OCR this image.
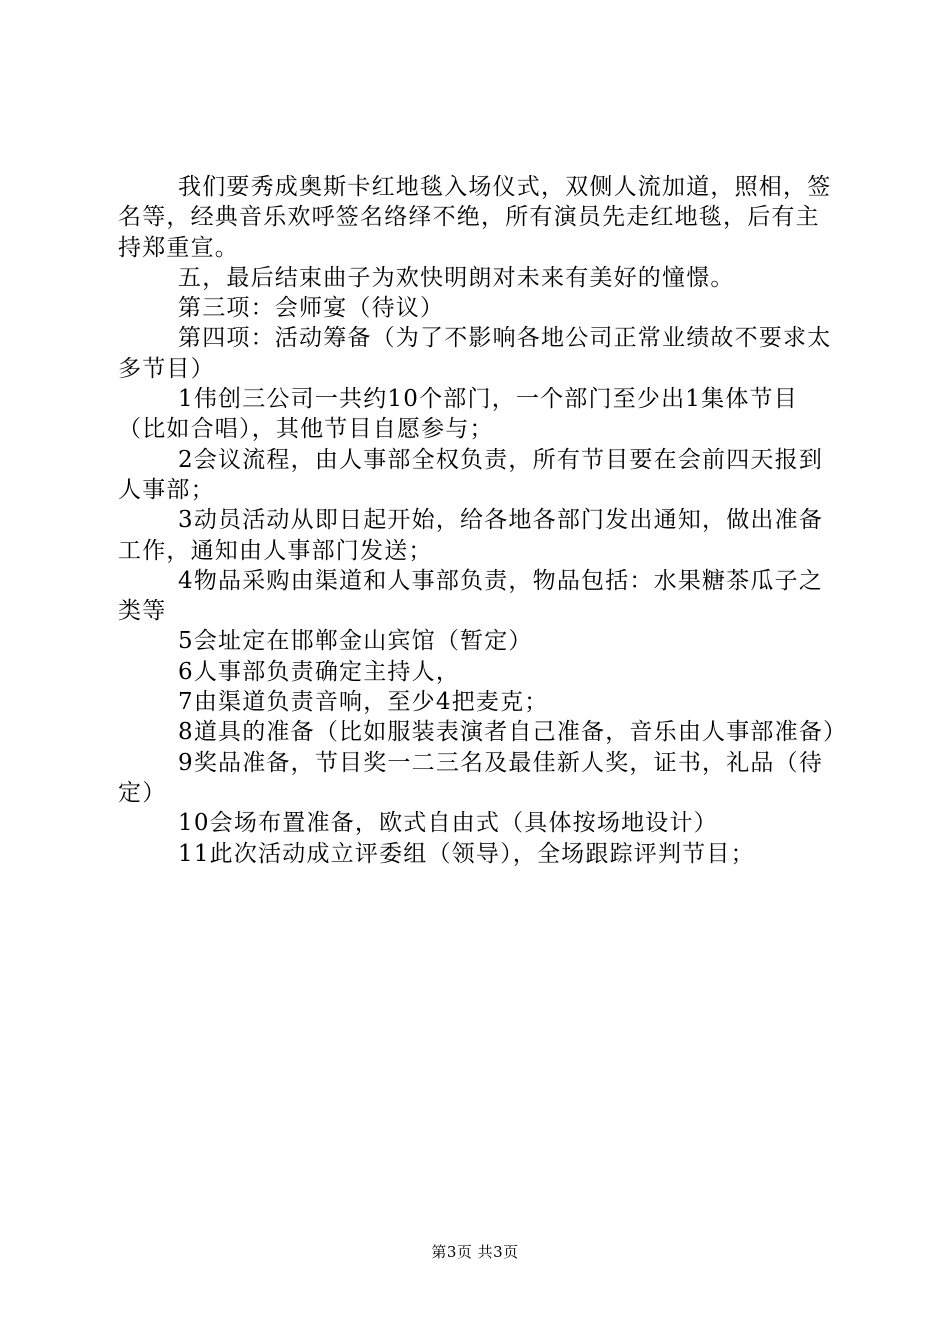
我们要秀成奥斯卡红地毯入场仪式，双侧人流加道，照相，签名等，经典音乐欢呼签名络绎不绝，所有演员先走红地毯，后有主持郑重宣。

五，最后结束曲子为欢快明朗对未来有美好的憧憬。

第三项：会师宴（待议）

第四项：活动筹备（为了不影响各地公司正常业绩故不要求太多节目）

1伟创三公司一共约10个部门，一个部门至少出1集体节目（比如合唱），其他节目自愿参与；

2会议流程，由人事部全权负责，所有节目要在会前四天报到人事部；

3动员活动从即日起开始，给各地各部门发出通知，做出准备工作，通知由人事部门发送；

4物品采购由渠道和人事部负责，物品包括：水果糖茶瓜子之类等

5会址定在邯郸金山宾馆（暂定）

6人事部负责确定主持人，

7由渠道负责音响，至少4把麦克；

8道具的准备（比如服装表演者自己准备，音乐由人事部准备）

9奖品准备，节目奖一二三名及最佳新人奖，证书，礼品（待定）

10会场布置准备，欧式自由式（具体按场地设计）

11此次活动成立评委组（领导），全场跟踪评判节目；

第3页 共3页
